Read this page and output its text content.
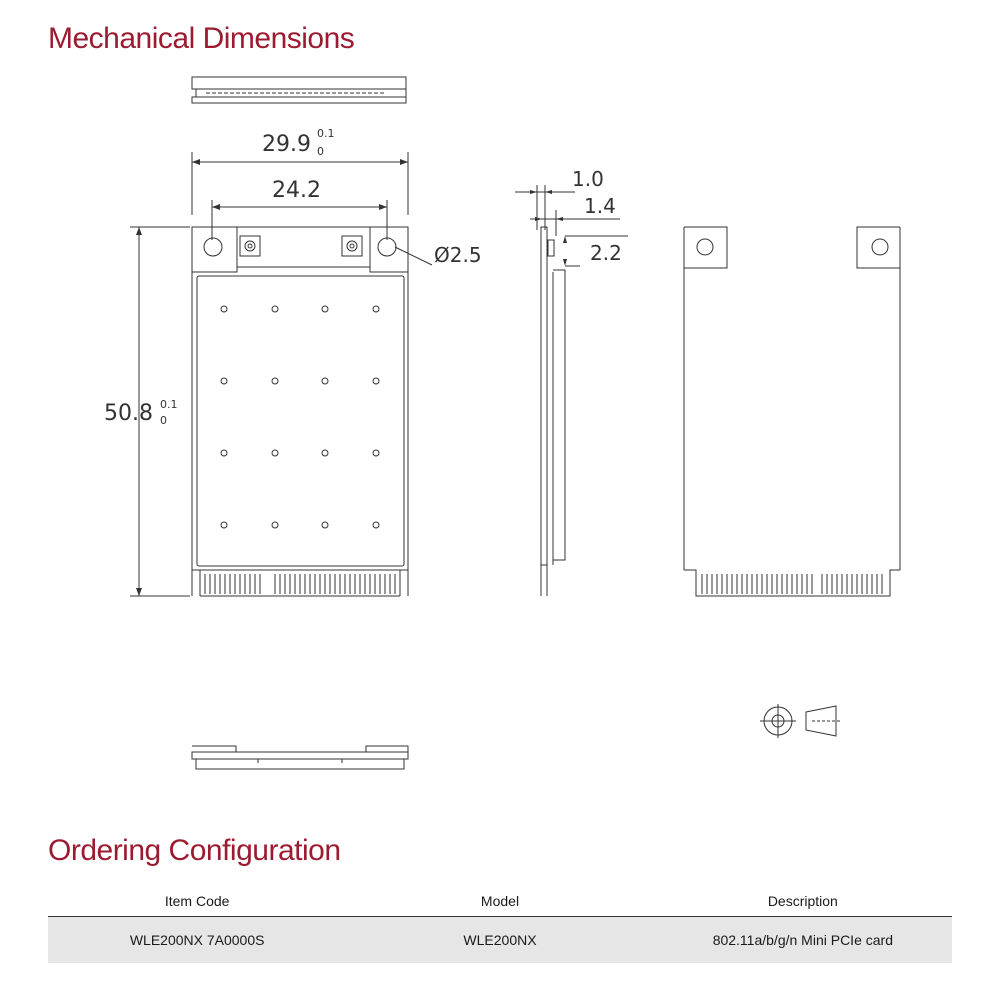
Mechanical Dimensions
29.9 0.1
0
24.2
Ø2.5
50.8 0.1
0
1.0
1.4
2.2
Ordering Configuration
Item Code	Model	Description
WLE200NX 7A0000S	WLE200NX	802.11a/b/g/n Mini PCIe card
